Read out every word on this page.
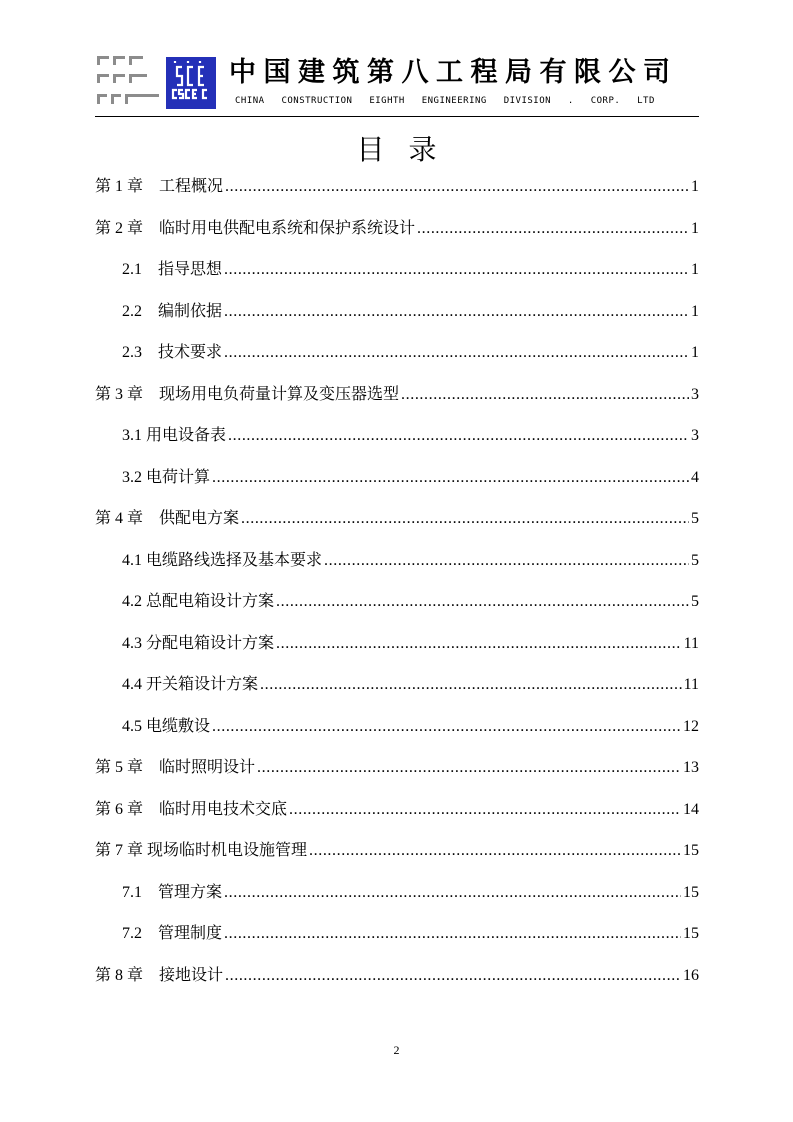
中国建筑第八工程局有限公司
CHINA CONSTRUCTION EIGHTH ENGINEERING DIVISION . CORP. LTD
目录
第 1 章　工程概况 .....	1
第 2 章　临时用电供配电系统和保护系统设计 .....	1
2.1　指导思想 .....	1
2.2　编制依据 .....	1
2.3　技术要求 .....	1
第 3 章　现场用电负荷量计算及变压器选型 .....	3
3.1 用电设备表 .....	3
3.2 电荷计算 .....	4
第 4 章　供配电方案 .....	5
4.1 电缆路线选择及基本要求 .....	5
4.2 总配电箱设计方案 .....	5
4.3 分配电箱设计方案 .....	11
4.4 开关箱设计方案 .....	11
4.5 电缆敷设 .....	12
第 5 章　临时照明设计 .....	13
第 6 章　临时用电技术交底 .....	14
第 7 章 现场临时机电设施管理 .....	15
7.1　管理方案 .....	15
7.2　管理制度 .....	15
第 8 章　接地设计 .....	16
2
